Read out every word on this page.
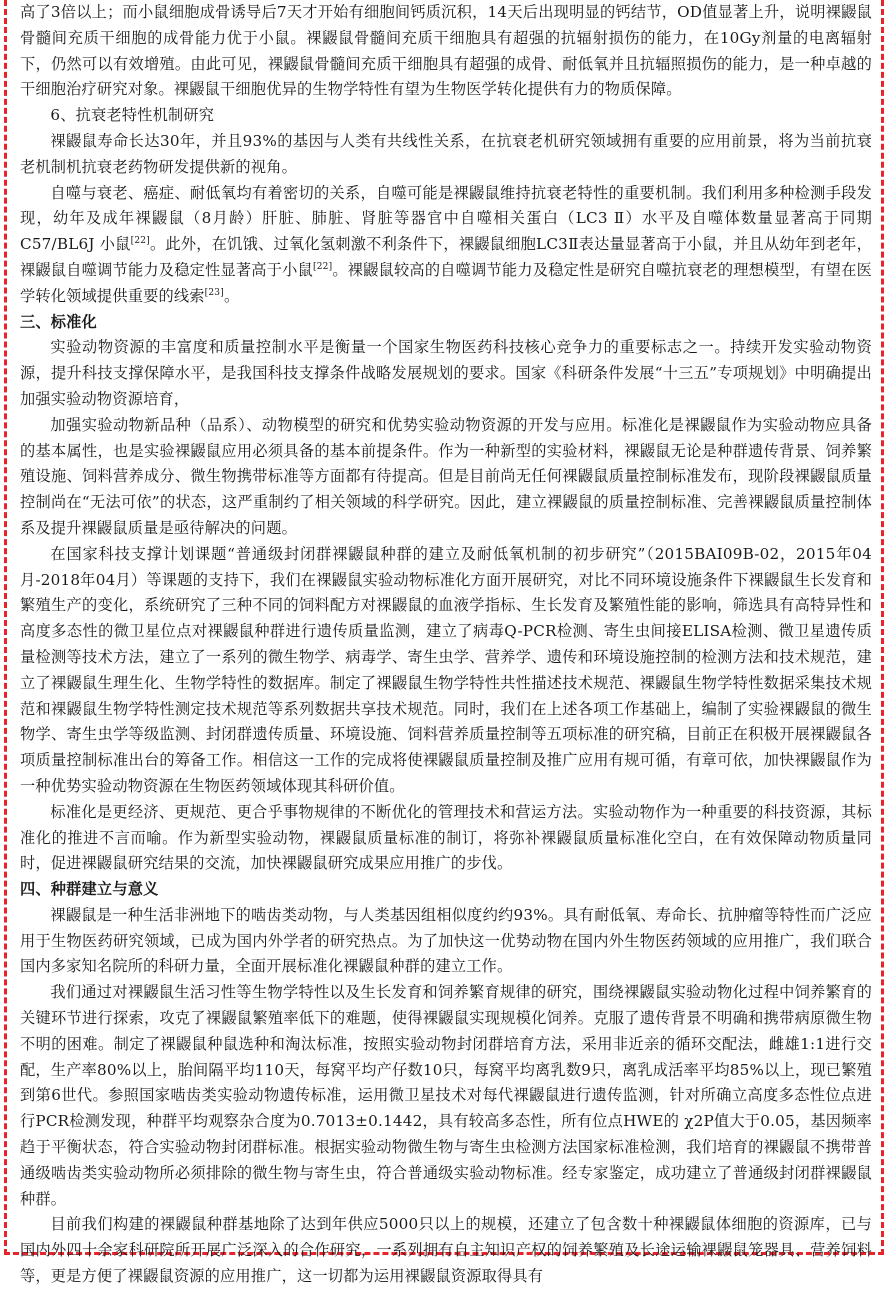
高了3倍以上；而小鼠细胞成骨诱导后7天才开始有细胞间钙质沉积，14天后出现明显的钙结节，OD值显著上升，说明裸鼹鼠骨髓间充质干细胞的成骨能力优于小鼠。裸鼹鼠骨髓间充质干细胞具有超强的抗辐射损伤的能力，在10Gy剂量的电离辐射下，仍然可以有效增殖。由此可见，裸鼹鼠骨髓间充质干细胞具有超强的成骨、耐低氧并且抗辐照损伤的能力，是一种卓越的干细胞治疗研究对象。裸鼹鼠干细胞优异的生物学特性有望为生物医学转化提供有力的物质保障。

6、抗衰老特性机制研究

裸鼹鼠寿命长达30年，并且93%的基因与人类有共线性关系，在抗衰老机研究领域拥有重要的应用前景，将为当前抗衰老机制机抗衰老药物研发提供新的视角。

自噬与衰老、癌症、耐低氧均有着密切的关系，自噬可能是裸鼹鼠维持抗衰老特性的重要机制。我们利用多种检测手段发现，幼年及成年裸鼹鼠（8月龄）肝脏、肺脏、肾脏等器官中自噬相关蛋白（LC3 Ⅱ）水平及自噬体数量显著高于同期 C57/BL6J 小鼠[22]。此外，在饥饿、过氧化氢刺激不利条件下，裸鼹鼠细胞LC3Ⅱ表达量显著高于小鼠，并且从幼年到老年，裸鼹鼠自噬调节能力及稳定性显著高于小鼠[22]。裸鼹鼠较高的自噬调节能力及稳定性是研究自噬抗衰老的理想模型，有望在医学转化领域提供重要的线索[23]。

三、标准化

实验动物资源的丰富度和质量控制水平是衡量一个国家生物医药科技核心竞争力的重要标志之一。持续开发实验动物资源，提升科技支撑保障水平，是我国科技支撑条件战略发展规划的要求。国家《科研条件发展“十三五”专项规划》中明确提出加强实验动物资源培育，

加强实验动物新品种（品系）、动物模型的研究和优势实验动物资源的开发与应用。标准化是裸鼹鼠作为实验动物应具备的基本属性，也是实验裸鼹鼠应用必须具备的基本前提条件。作为一种新型的实验材料，裸鼹鼠无论是种群遗传背景、饲养繁殖设施、饲料营养成分、微生物携带标准等方面都有待提高。但是目前尚无任何裸鼹鼠质量控制标准发布，现阶段裸鼹鼠质量控制尚在“无法可依”的状态，这严重制约了相关领域的科学研究。因此，建立裸鼹鼠的质量控制标准、完善裸鼹鼠质量控制体系及提升裸鼹鼠质量是亟待解决的问题。

在国家科技支撑计划课题“普通级封闭群裸鼹鼠种群的建立及耐低氧机制的初步研究”（2015BAI09B-02，2015年04月-2018年04月）等课题的支持下，我们在裸鼹鼠实验动物标准化方面开展研究，对比不同环境设施条件下裸鼹鼠生长发育和繁殖生产的变化，系统研究了三种不同的饲料配方对裸鼹鼠的血液学指标、生长发育及繁殖性能的影响，筛选具有高特异性和高度多态性的微卫星位点对裸鼹鼠种群进行遗传质量监测，建立了病毒Q-PCR检测、寄生虫间接ELISA检测、微卫星遗传质量检测等技术方法，建立了一系列的微生物学、病毒学、寄生虫学、营养学、遗传和环境设施控制的检测方法和技术规范，建立了裸鼹鼠生理生化、生物学特性的数据库。制定了裸鼹鼠生物学特性共性描述技术规范、裸鼹鼠生物学特性数据采集技术规范和裸鼹鼠生物学特性测定技术规范等系列数据共享技术规范。同时，我们在上述各项工作基础上，编制了实验裸鼹鼠的微生物学、寄生虫学等级监测、封闭群遗传质量、环境设施、饲料营养质量控制等五项标准的研究稿，目前正在积极开展裸鼹鼠各项质量控制标准出台的筹备工作。相信这一工作的完成将使裸鼹鼠质量控制及推广应用有规可循，有章可依，加快裸鼹鼠作为一种优势实验动物资源在生物医药领域体现其科研价值。

标准化是更经济、更规范、更合乎事物规律的不断优化的管理技术和营运方法。实验动物作为一种重要的科技资源，其标准化的推进不言而喻。作为新型实验动物，裸鼹鼠质量标准的制订，将弥补裸鼹鼠质量标准化空白，在有效保障动物质量同时，促进裸鼹鼠研究结果的交流，加快裸鼹鼠研究成果应用推广的步伐。

四、种群建立与意义

裸鼹鼠是一种生活非洲地下的啮齿类动物，与人类基因组相似度约约93%。具有耐低氧、寿命长、抗肿瘤等特性而广泛应用于生物医药研究领域，已成为国内外学者的研究热点。为了加快这一优势动物在国内外生物医药领域的应用推广，我们联合国内多家知名院所的科研力量，全面开展标准化裸鼹鼠种群的建立工作。

我们通过对裸鼹鼠生活习性等生物学特性以及生长发育和饲养繁育规律的研究，围绕裸鼹鼠实验动物化过程中饲养繁育的关键环节进行探索，攻克了裸鼹鼠繁殖率低下的难题，使得裸鼹鼠实现规模化饲养。克服了遗传背景不明确和携带病原微生物不明的困难。制定了裸鼹鼠种鼠选种和淘汰标准，按照实验动物封闭群培育方法，采用非近亲的循环交配法，雌雄1:1进行交配，生产率80%以上，胎间隔平均110天，每窝平均产仔数10只，每窝平均离乳数9只，离乳成活率平均85%以上，现已繁殖到第6世代。参照国家啮齿类实验动物遗传标准，运用微卫星技术对每代裸鼹鼠进行遗传监测，针对所确立高度多态性位点进行PCR检测发现，种群平均观察杂合度为0.7013±0.1442，具有较高多态性，所有位点HWE的 χ2P值大于0.05，基因频率趋于平衡状态，符合实验动物封闭群标准。根据实验动物微生物与寄生虫检测方法国家标准检测，我们培育的裸鼹鼠不携带普通级啮齿类实验动物所必须排除的微生物与寄生虫，符合普通级实验动物标准。经专家鉴定，成功建立了普通级封闭群裸鼹鼠种群。

目前我们构建的裸鼹鼠种群基地除了达到年供应5000只以上的规模，还建立了包含数十种裸鼹鼠体细胞的资源库，已与国内外四十余家科研院所开展广泛深入的合作研究，一系列拥有自主知识产权的饲养繁殖及长途运输裸鼹鼠笼器具、营养饲料等，更是方便了裸鼹鼠资源的应用推广，这一切都为运用裸鼹鼠资源取得具有
